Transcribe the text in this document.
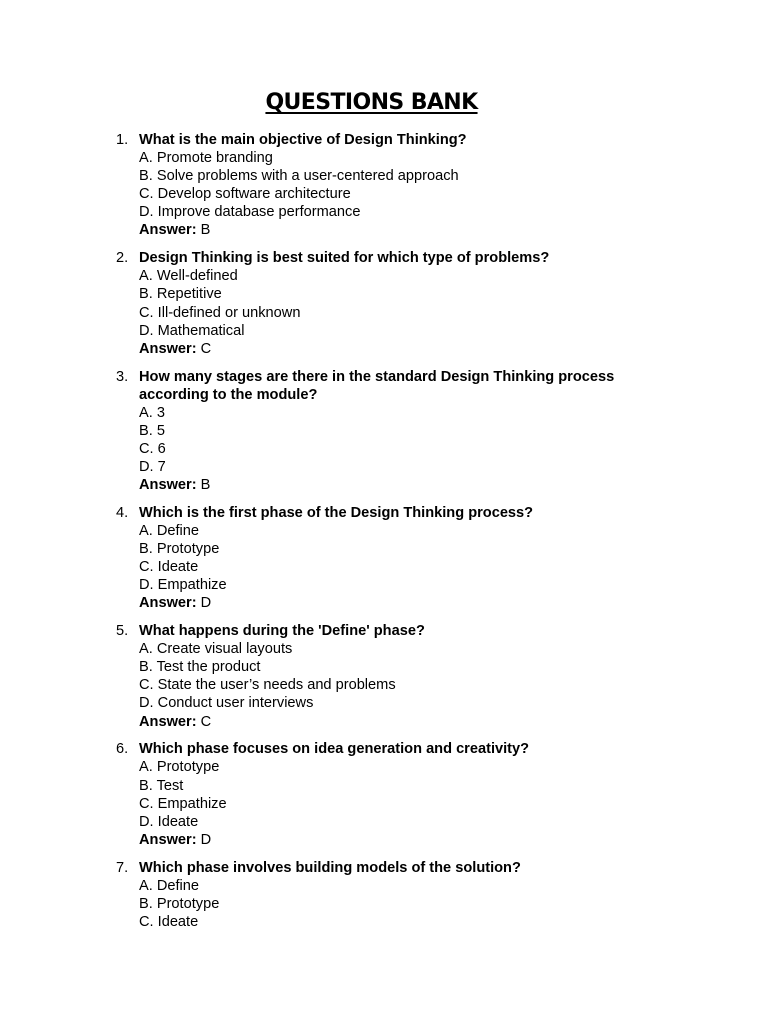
QUESTIONS BANK
1. What is the main objective of Design Thinking?
A. Promote branding
B. Solve problems with a user-centered approach
C. Develop software architecture
D. Improve database performance
Answer: B
2. Design Thinking is best suited for which type of problems?
A. Well-defined
B. Repetitive
C. Ill-defined or unknown
D. Mathematical
Answer: C
3. How many stages are there in the standard Design Thinking process according to the module?
A. 3
B. 5
C. 6
D. 7
Answer: B
4. Which is the first phase of the Design Thinking process?
A. Define
B. Prototype
C. Ideate
D. Empathize
Answer: D
5. What happens during the 'Define' phase?
A. Create visual layouts
B. Test the product
C. State the user’s needs and problems
D. Conduct user interviews
Answer: C
6. Which phase focuses on idea generation and creativity?
A. Prototype
B. Test
C. Empathize
D. Ideate
Answer: D
7. Which phase involves building models of the solution?
A. Define
B. Prototype
C. Ideate
